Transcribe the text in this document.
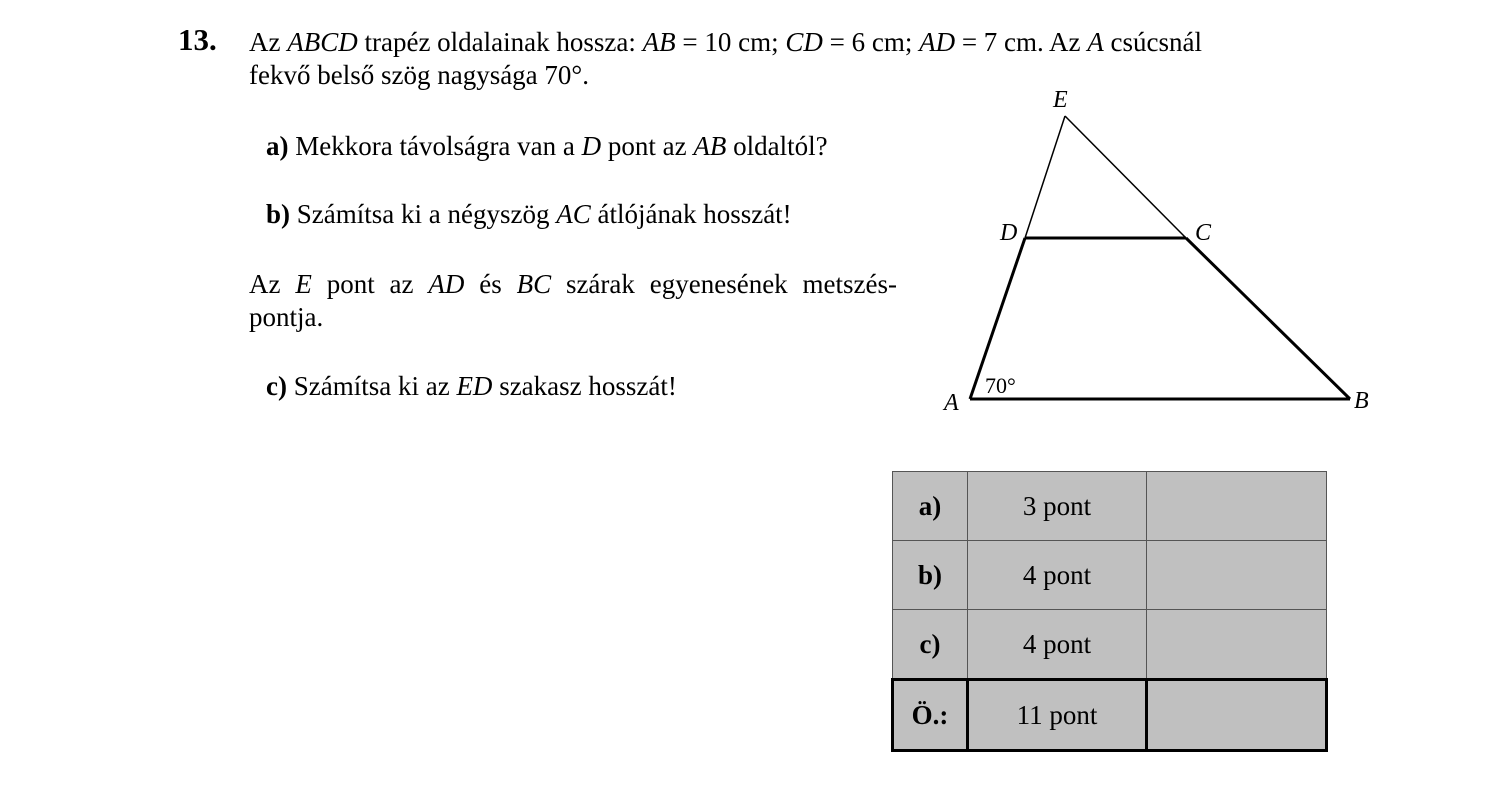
13. Az ABCD trapéz oldalainak hossza: AB = 10 cm; CD = 6 cm; AD = 7 cm. Az A csúcsnál
fekvő belső szög nagysága 70°.
a) Mekkora távolságra van a D pont az AB oldaltól?
b) Számítsa ki a négyszög AC átlójának hosszát!
Az E pont az AD és BC szárak egyenesének metszés-
pontja.
c) Számítsa ki az ED szakasz hosszát!
E
D	C
A	B
70°
a)	3 pont	
b)	4 pont	
c)	4 pont	
Ö.:	11 pont	
